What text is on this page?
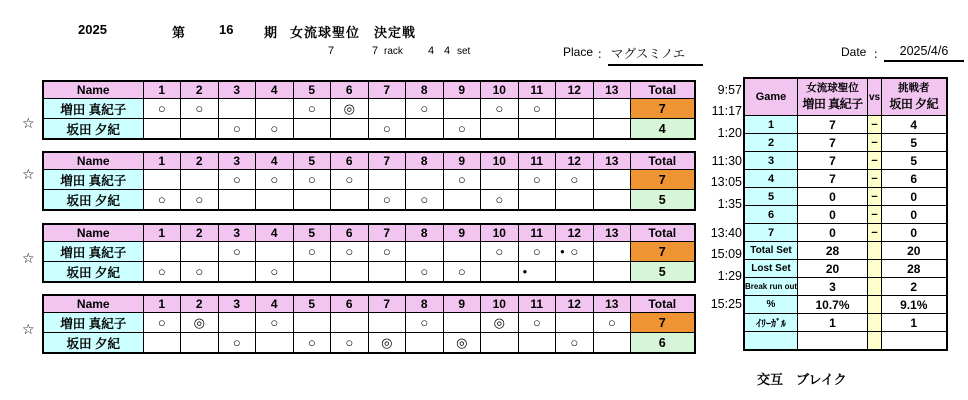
2025	第	16 期 女流球聖位　決定戦
7	7 rack 4 4 set	Place ： マグスミノエ	Date ：	2025/4/6
Name	1	2	3	4	5	6	7	8	9	10	11	12	13	Total
増田 真紀子	○	○			○	◎		○		○	○			7
坂田 夕紀			○	○			○		○					4
9:57
11:17
1:20
☆
Name	1	2	3	4	5	6	7	8	9	10	11	12	13	Total
増田 真紀子			○	○	○	○			○		○	○		7
坂田 夕紀	○	○					○	○		○				5
11:30
13:05
1:35
☆
Name	1	2	3	4	5	6	7	8	9	10	11	12	13	Total
増田 真紀子			○		○	○	○			○	○	● ○		7
坂田 夕紀	○	○		○				○	○		●			5
13:40
15:09
1:29
☆
Name	1	2	3	4	5	6	7	8	9	10	11	12	13	Total
増田 真紀子	○	◎		○				○		◎	○		○	7
坂田 夕紀			○		○	○	◎		◎			○		6
15:25
☆
Game	
女流球聖位
増田 真紀子	vs	
挑戦者
坂田 夕紀

1	7	−	4
2	7	−	5
3	7	−	5
4	7	−	6
5	0	−	0
6	0	−	0
7	0	−	0
Total Set	28		20
Lost Set	20		28
Break run out	3		2
%	10.7%		9.1%
ｲﾘｰｶﾞﾙ	1		1

交互　ブレイク
